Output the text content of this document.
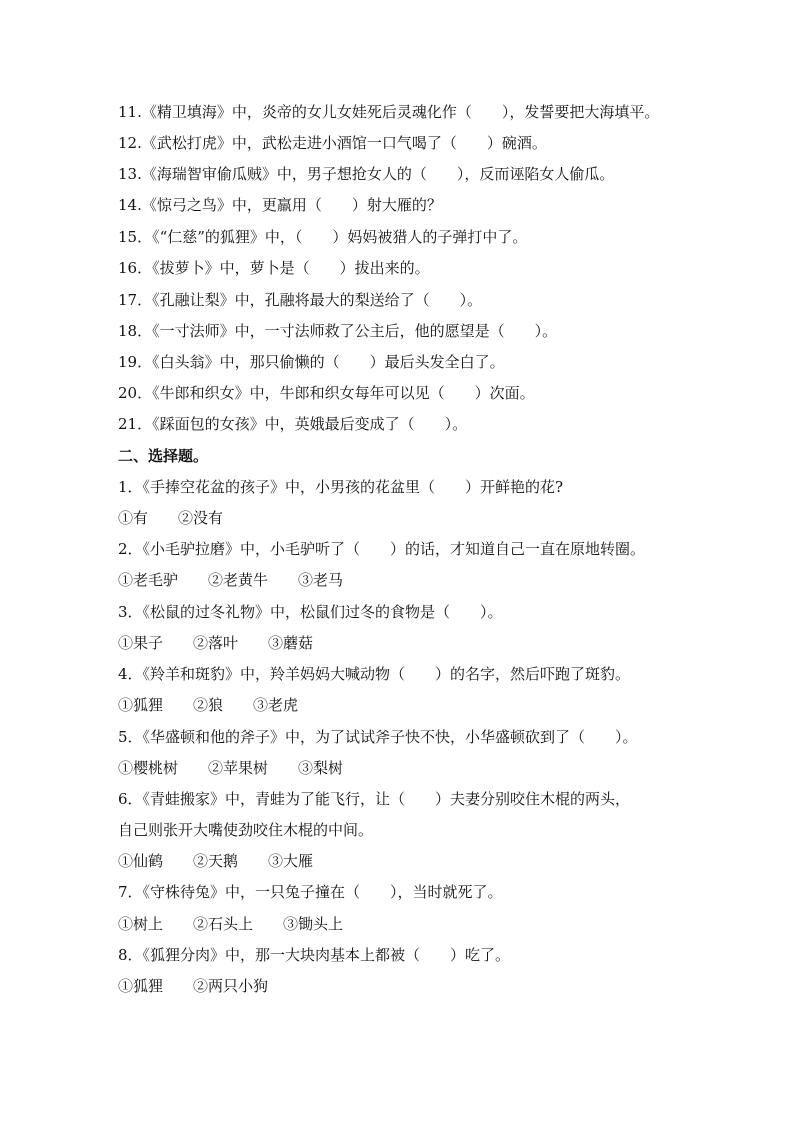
11.《精卫填海》中，炎帝的女儿女娃死后灵魂化作（　　），发誓要把大海填平。
12.《武松打虎》中，武松走进小酒馆一口气喝了（　　）碗酒。
13.《海瑞智审偷瓜贼》中，男子想抢女人的（　　），反而诬陷女人偷瓜。
14.《惊弓之鸟》中，更羸用（　　）射大雁的？
15．《“仁慈”的狐狸》中，（　　）妈妈被猎人的子弹打中了。
16．《拔萝卜》中，萝卜是（　　）拔出来的。
17．《孔融让梨》中，孔融将最大的梨送给了（　　）。
18．《一寸法师》中，一寸法师救了公主后，他的愿望是（　　）。
19．《白头翁》中，那只偷懒的（　　）最后头发全白了。
20．《牛郎和织女》中，牛郎和织女每年可以见（　　）次面。
21．《踩面包的女孩》中，英娥最后变成了（　　）。
二、选择题。
1．《手捧空花盆的孩子》中，小男孩的花盆里（　　）开鲜艳的花?
①有　　②没有
2．《小毛驴拉磨》中，小毛驴听了（　　）的话，才知道自己一直在原地转圈。
①老毛驴　　②老黄牛　　③老马
3．《松鼠的过冬礼物》中，松鼠们过冬的食物是（　　）。
①果子　　②落叶　　③蘑菇
4．《羚羊和斑豹》中，羚羊妈妈大喊动物（　　）的名字，然后吓跑了斑豹。
①狐狸　　②狼　　③老虎
5．《华盛顿和他的斧子》中，为了试试斧子快不快，小华盛顿砍到了（　　）。
①樱桃树　　②苹果树　　③梨树
6．《青蛙搬家》中，青蛙为了能飞行，让（　　）夫妻分别咬住木棍的两头，
自己则张开大嘴使劲咬住木棍的中间。
①仙鹤　　②天鹅　　③大雁
7．《守株待兔》中，一只兔子撞在（　　），当时就死了。
①树上　　②石头上　　③锄头上
8．《狐狸分肉》中，那一大块肉基本上都被（　　）吃了。
①狐狸　　②两只小狗
